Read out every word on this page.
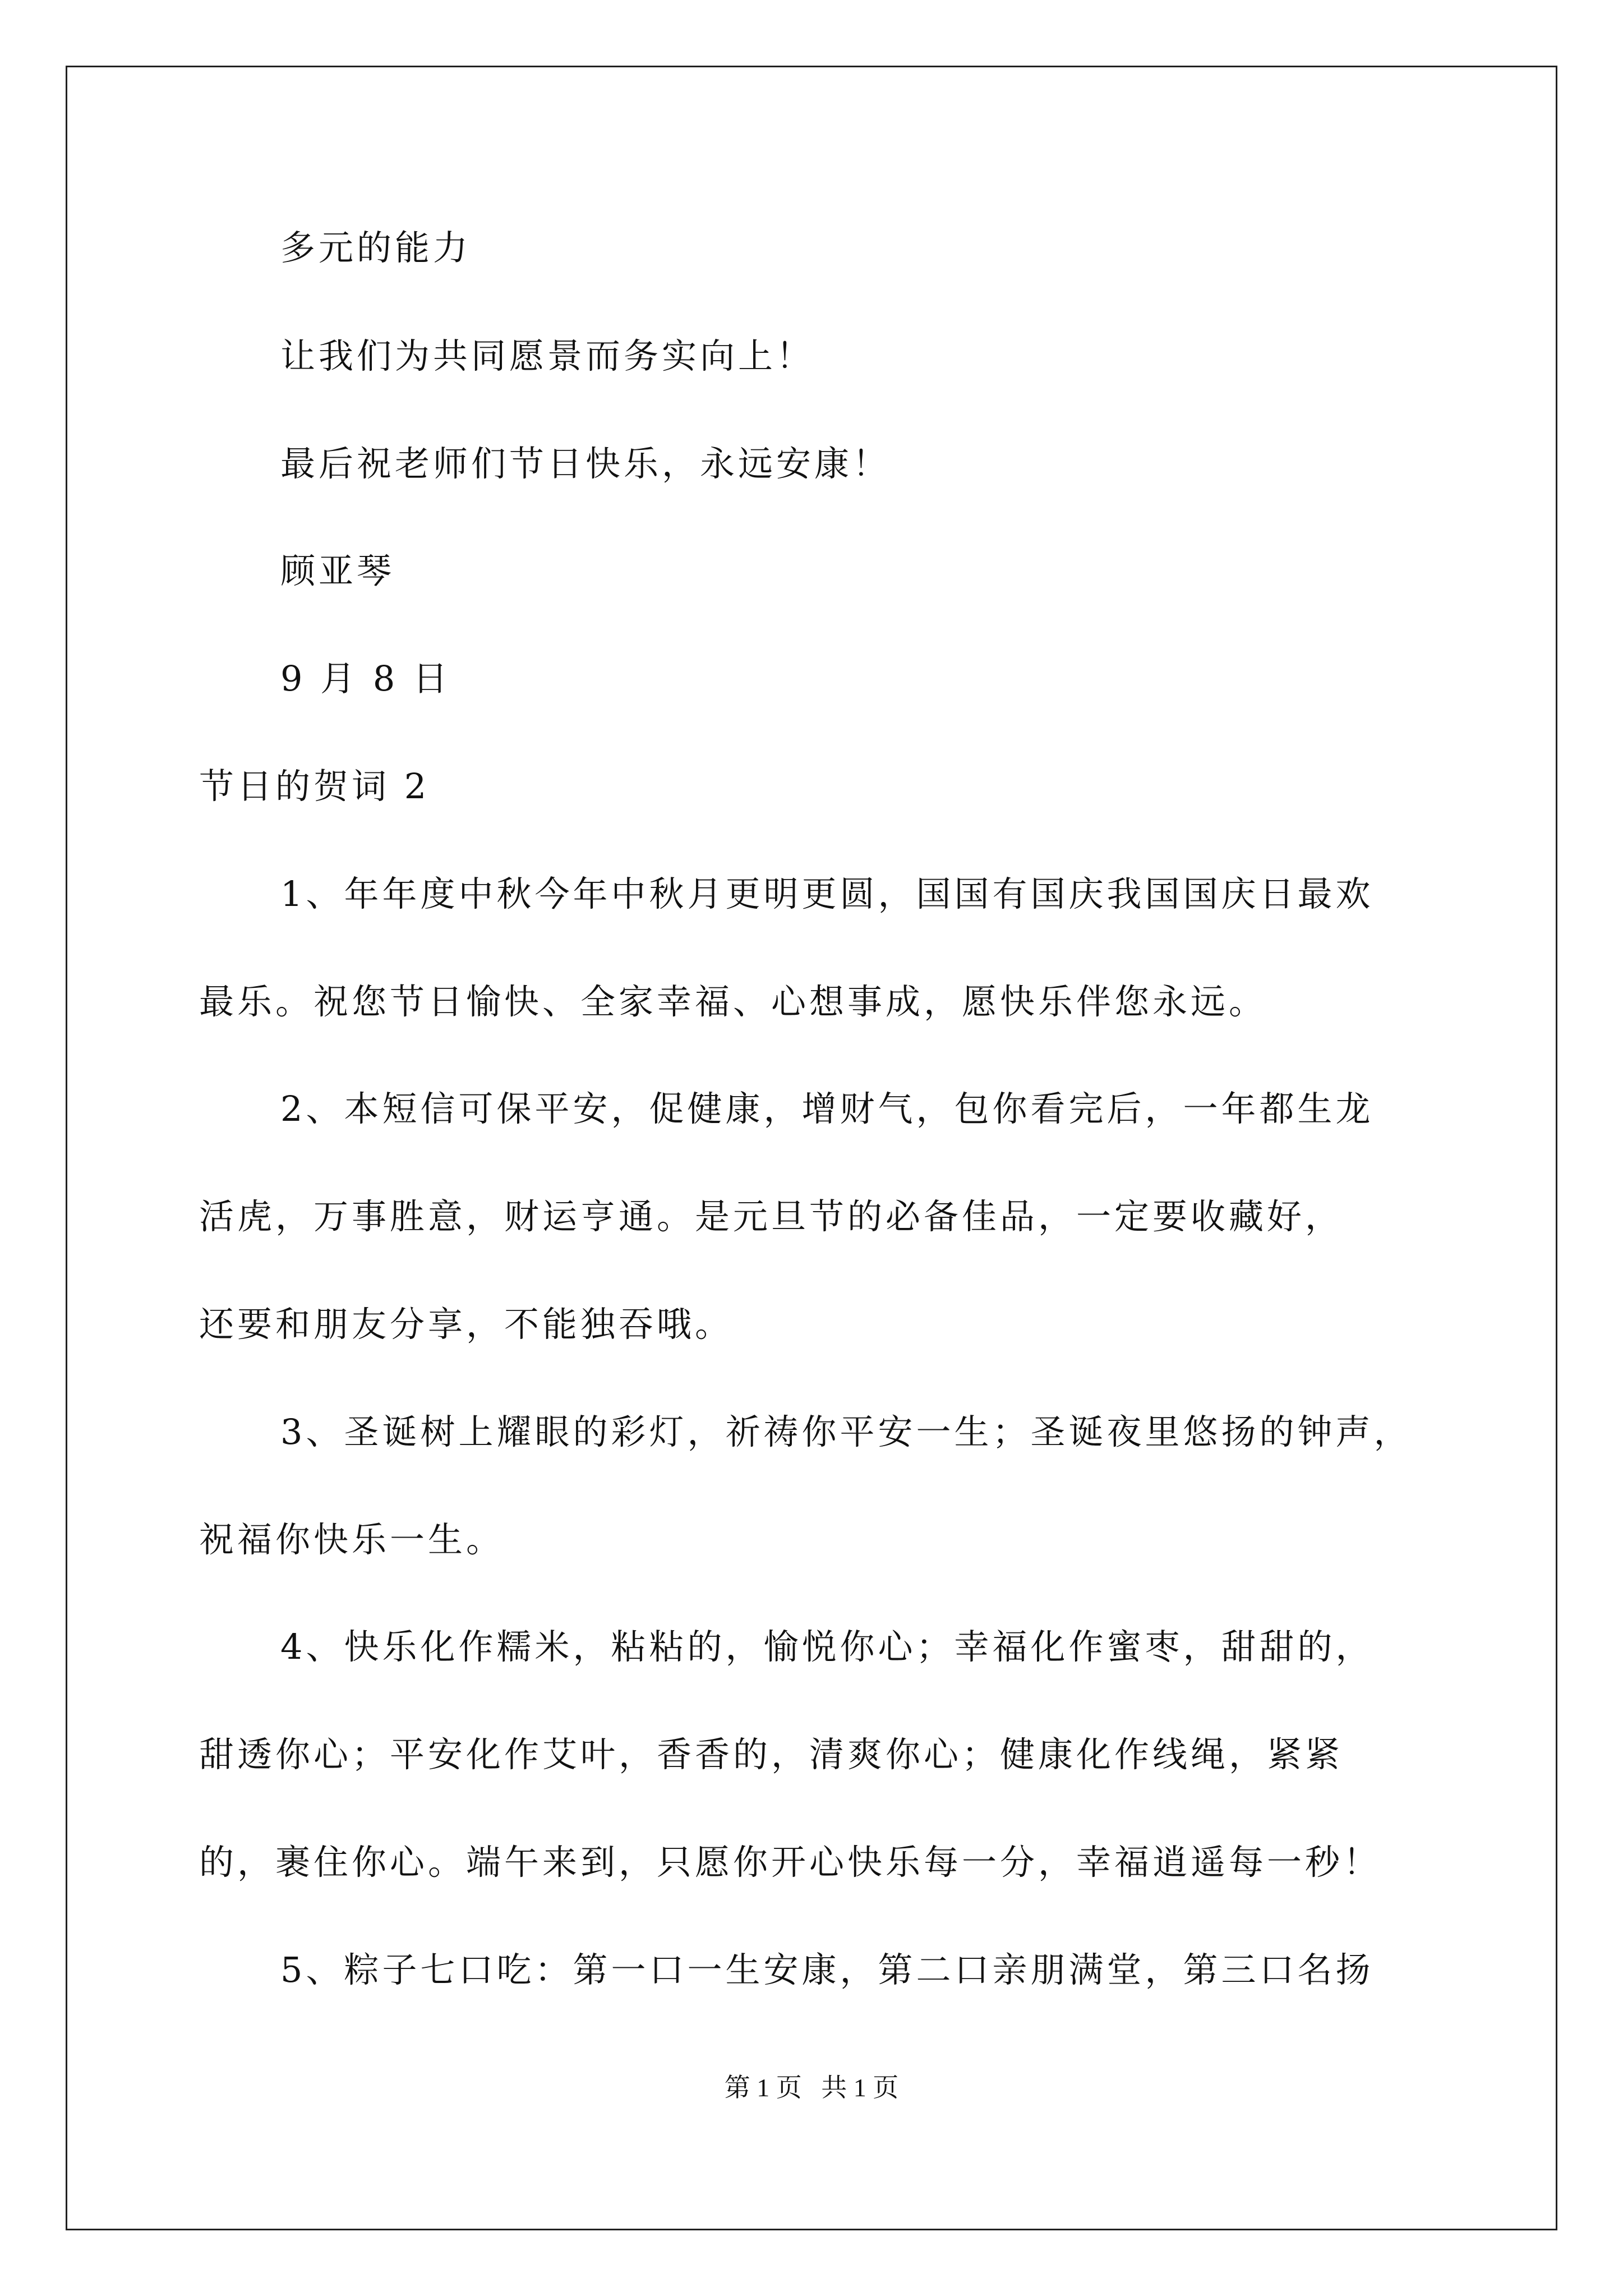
多元的能力
让我们为共同愿景而务实向上！
最后祝老师们节日快乐，永远安康！
顾亚琴
9 月 8 日
节日的贺词 2
1、年年度中秋今年中秋月更明更圆，国国有国庆我国国庆日最欢
最乐。祝您节日愉快、全家幸福、心想事成，愿快乐伴您永远。
2、本短信可保平安，促健康，增财气，包你看完后，一年都生龙
活虎，万事胜意，财运亨通。是元旦节的必备佳品，一定要收藏好，
还要和朋友分享，不能独吞哦。
3、圣诞树上耀眼的彩灯，祈祷你平安一生；圣诞夜里悠扬的钟声，
祝福你快乐一生。
4、快乐化作糯米，粘粘的，愉悦你心；幸福化作蜜枣，甜甜的，
甜透你心；平安化作艾叶，香香的，清爽你心；健康化作线绳，紧紧
的，裹住你心。端午来到，只愿你开心快乐每一分，幸福逍遥每一秒！
5、粽子七口吃：第一口一生安康，第二口亲朋满堂，第三口名扬
第 1 页   共 1 页
